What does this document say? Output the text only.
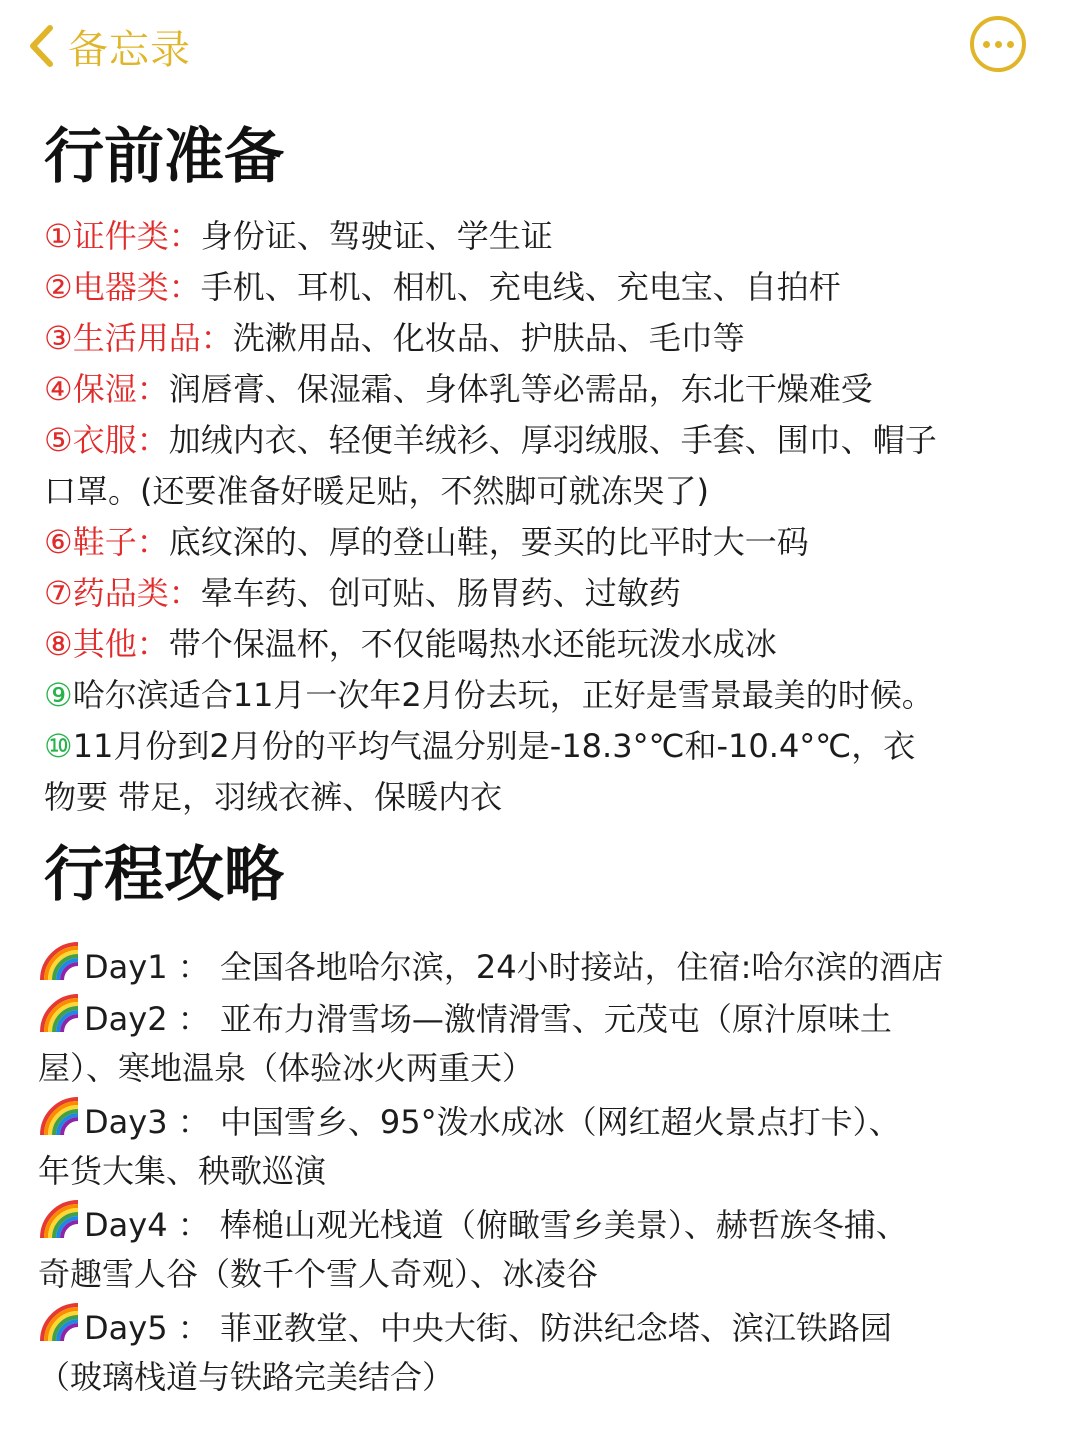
备忘录
行前准备
①证件类：身份证、驾驶证、学生证
②电器类：手机、耳机、相机、充电线、充电宝、自拍杆
③生活用品：洗漱用品、化妆品、护肤品、毛巾等
④保湿：润唇膏、保湿霜、身体乳等必需品，东北干燥难受
⑤衣服：加绒内衣、轻便羊绒衫、厚羽绒服、手套、围巾、帽子
口罩。(还要准备好暖足贴，不然脚可就冻哭了)
⑥鞋子：底纹深的、厚的登山鞋，要买的比平时大一码
⑦药品类：晕车药、创可贴、肠胃药、过敏药
⑧其他：带个保温杯，不仅能喝热水还能玩泼水成冰
⑨哈尔滨适合11月一次年2月份去玩，正好是雪景最美的时候。
⑩11月份到2月份的平均气温分别是-18.3°℃和-10.4°℃，衣
物要 带足，羽绒衣裤、保暖内衣
行程攻略
Day1 ： 全国各地哈尔滨，24小时接站，住宿:哈尔滨的酒店
Day2 ： 亚布力滑雪场—激情滑雪、元茂屯（原汁原味土
屋）、寒地温泉（体验冰火两重天）
Day3 ： 中国雪乡、95°泼水成冰（网红超火景点打卡）、
年货大集、秧歌巡演
Day4 ： 棒槌山观光栈道（俯瞰雪乡美景）、赫哲族冬捕、
奇趣雪人谷（数千个雪人奇观）、冰凌谷
Day5 ： 菲亚教堂、中央大街、防洪纪念塔、滨江铁路园
（玻璃栈道与铁路完美结合）
